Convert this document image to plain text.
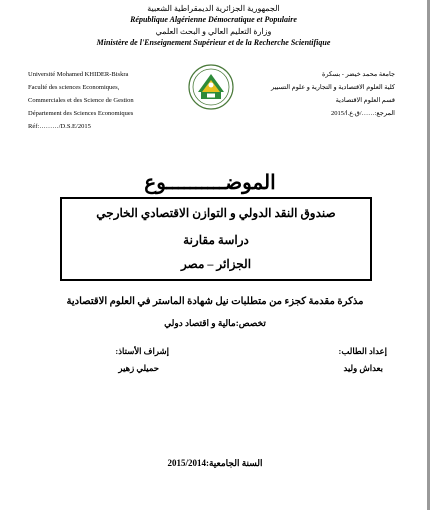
الجمهورية الجزائرية الديمقراطية الشعبية
République Algérienne Démocratique et Populaire
وزارة التعليم العالي و البحث العلمي
Ministère de l'Enseignement Supérieur et de la Recherche Scientifique
Université Mohamed KHIDER-Biskra
Faculté des sciences Economiques,
Commerciales et des Science de Gestion
Département des Sciences Economiques
Réf:………/D.S.E/2015
جامعة محمد خيضر - بسكرة
كلية العلوم الاقتصادية و التجارية و علوم التسيير
قسم العلوم الاقتصادية
المرجع:……/ق.ع.ا/2015
الموضــــــــــوع
صندوق النقد الدولي و التوازن الاقتصادي الخارجي
دراسة مقارنة
الجزائر – مصر
مذكرة مقدمة كجزء من متطلبات نيل شهادة الماستر في العلوم الاقتصادية
تخصص:مالية و اقتصاد دولي
إعداد الطالب:
بعداش وليد
إشراف الأستاذ:
حميلي زهير
السنة الجامعية:2015/2014
